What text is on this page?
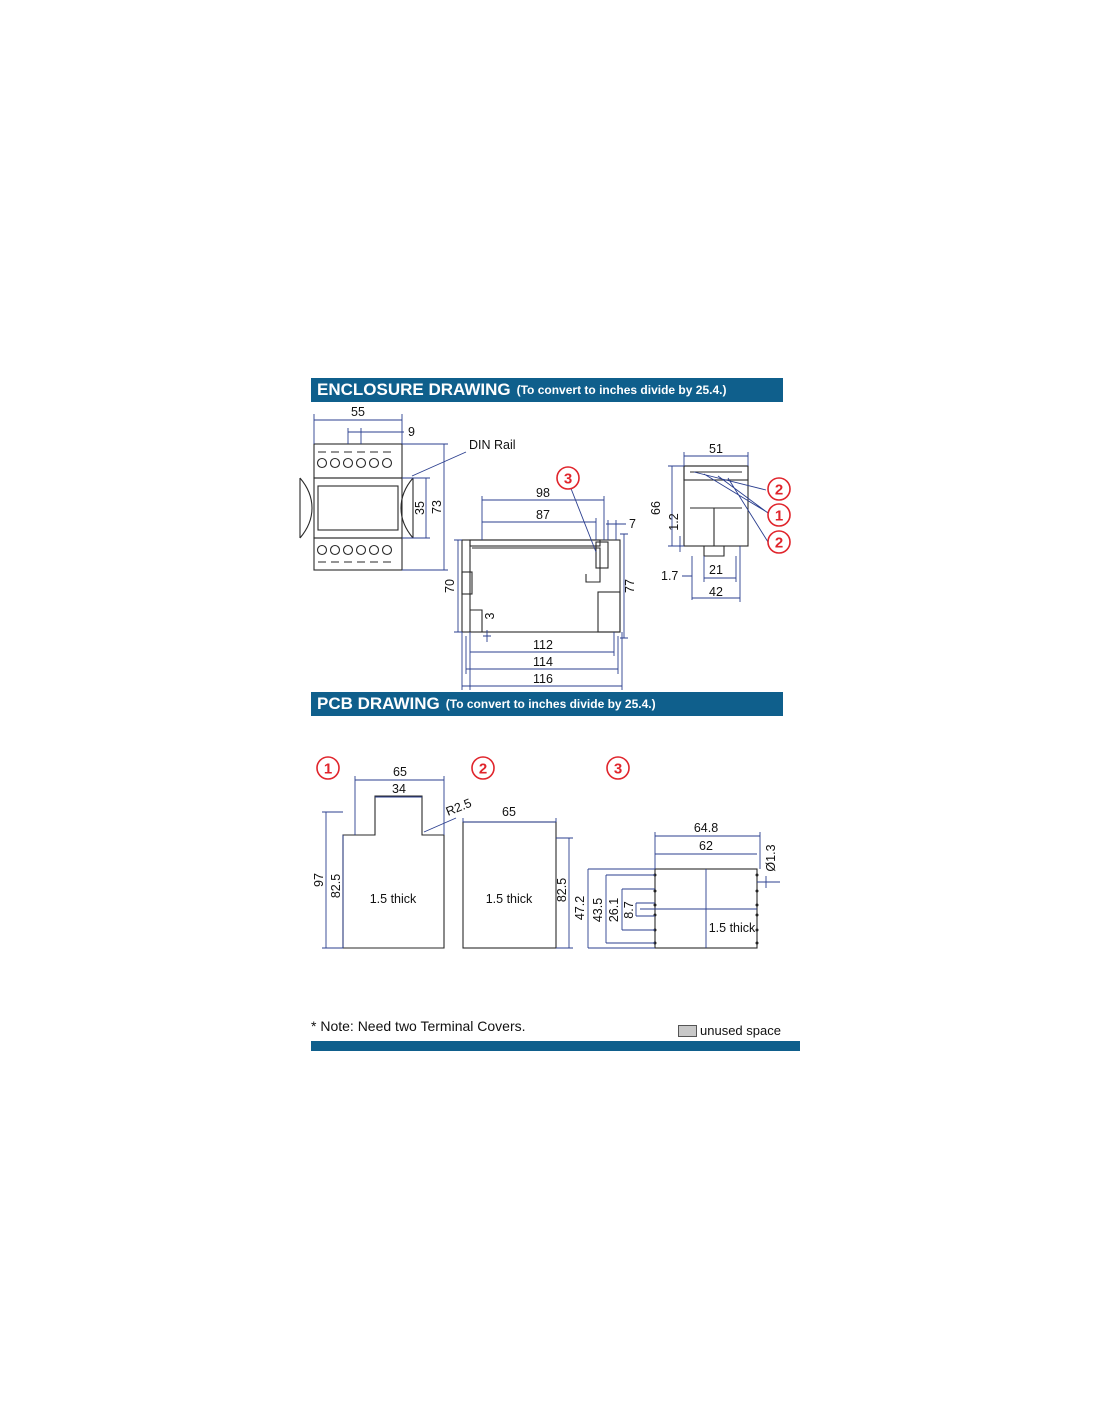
ENCLOSURE DRAWING (To convert to inches divide by 25.4.)
PCB DRAWING (To convert to inches divide by 25.4.)
55
9
35 73
DIN Rail
98
87
7
70	77
3
112
114
116
51
66
1.2
1.7 21
42
3
2
1
2
1
1.5 thick
65
34
R2.5
97 82.5
2
1.5 thick
65
82.5
3
1.5 thick
64.8
62	Ø1.3
47.2 43.5 26.1 8.7
* Note: Need two Terminal Covers.	unused space
